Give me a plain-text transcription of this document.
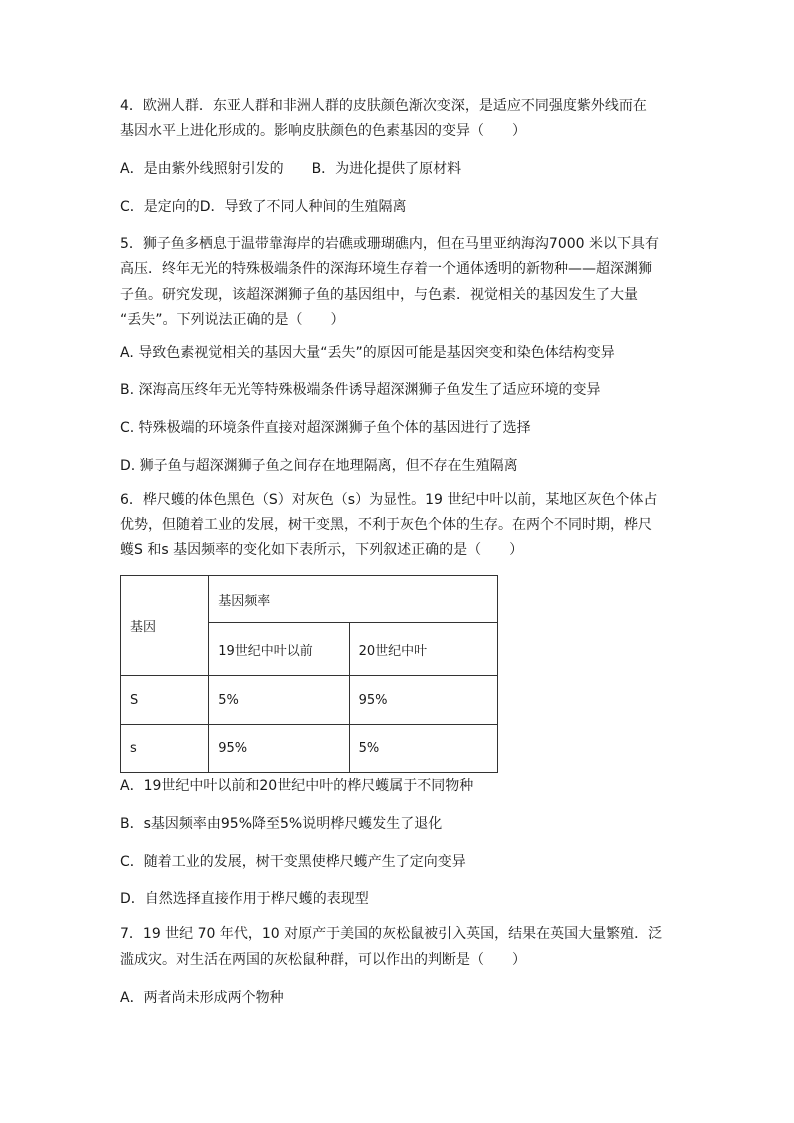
4．欧洲人群．东亚人群和非洲人群的皮肤颜色渐次变深，是适应不同强度紫外线而在
基因水平上进化形成的。影响皮肤颜色的色素基因的变异（　　）
A．是由紫外线照射引发的　　B．为进化提供了原材料
C．是定向的D．导致了不同人种间的生殖隔离
5．狮子鱼多栖息于温带靠海岸的岩礁或珊瑚礁内，但在马里亚纳海沟7000 米以下具有
高压．终年无光的特殊极端条件的深海环境生存着一个通体透明的新物种——超深渊狮
子鱼。研究发现，该超深渊狮子鱼的基因组中，与色素．视觉相关的基因发生了大量
“丢失”。下列说法正确的是（　　）
A. 导致色素视觉相关的基因大量“丢失”的原因可能是基因突变和染色体结构变异
B. 深海高压终年无光等特殊极端条件诱导超深渊狮子鱼发生了适应环境的变异
C. 特殊极端的环境条件直接对超深渊狮子鱼个体的基因进行了选择
D. 狮子鱼与超深渊狮子鱼之间存在地理隔离，但不存在生殖隔离
6．桦尺蠖的体色黑色（S）对灰色（s）为显性。19 世纪中叶以前，某地区灰色个体占
优势，但随着工业的发展，树干变黑，不利于灰色个体的生存。在两个不同时期，桦尺
蠖S 和s 基因频率的变化如下表所示，下列叙述正确的是（　　）
基因	基因频率	
	19世纪中叶以前	20世纪中叶
S	5%	95%
s	95%	5%
A．19世纪中叶以前和20世纪中叶的桦尺蠖属于不同物种
B．s基因频率由95%降至5%说明桦尺蠖发生了退化
C．随着工业的发展，树干变黑使桦尺蠖产生了定向变异
D．自然选择直接作用于桦尺蠖的表现型
7．19 世纪 70 年代，10 对原产于美国的灰松鼠被引入英国，结果在英国大量繁殖．泛
滥成灾。对生活在两国的灰松鼠种群，可以作出的判断是（　　）
A．两者尚未形成两个物种
